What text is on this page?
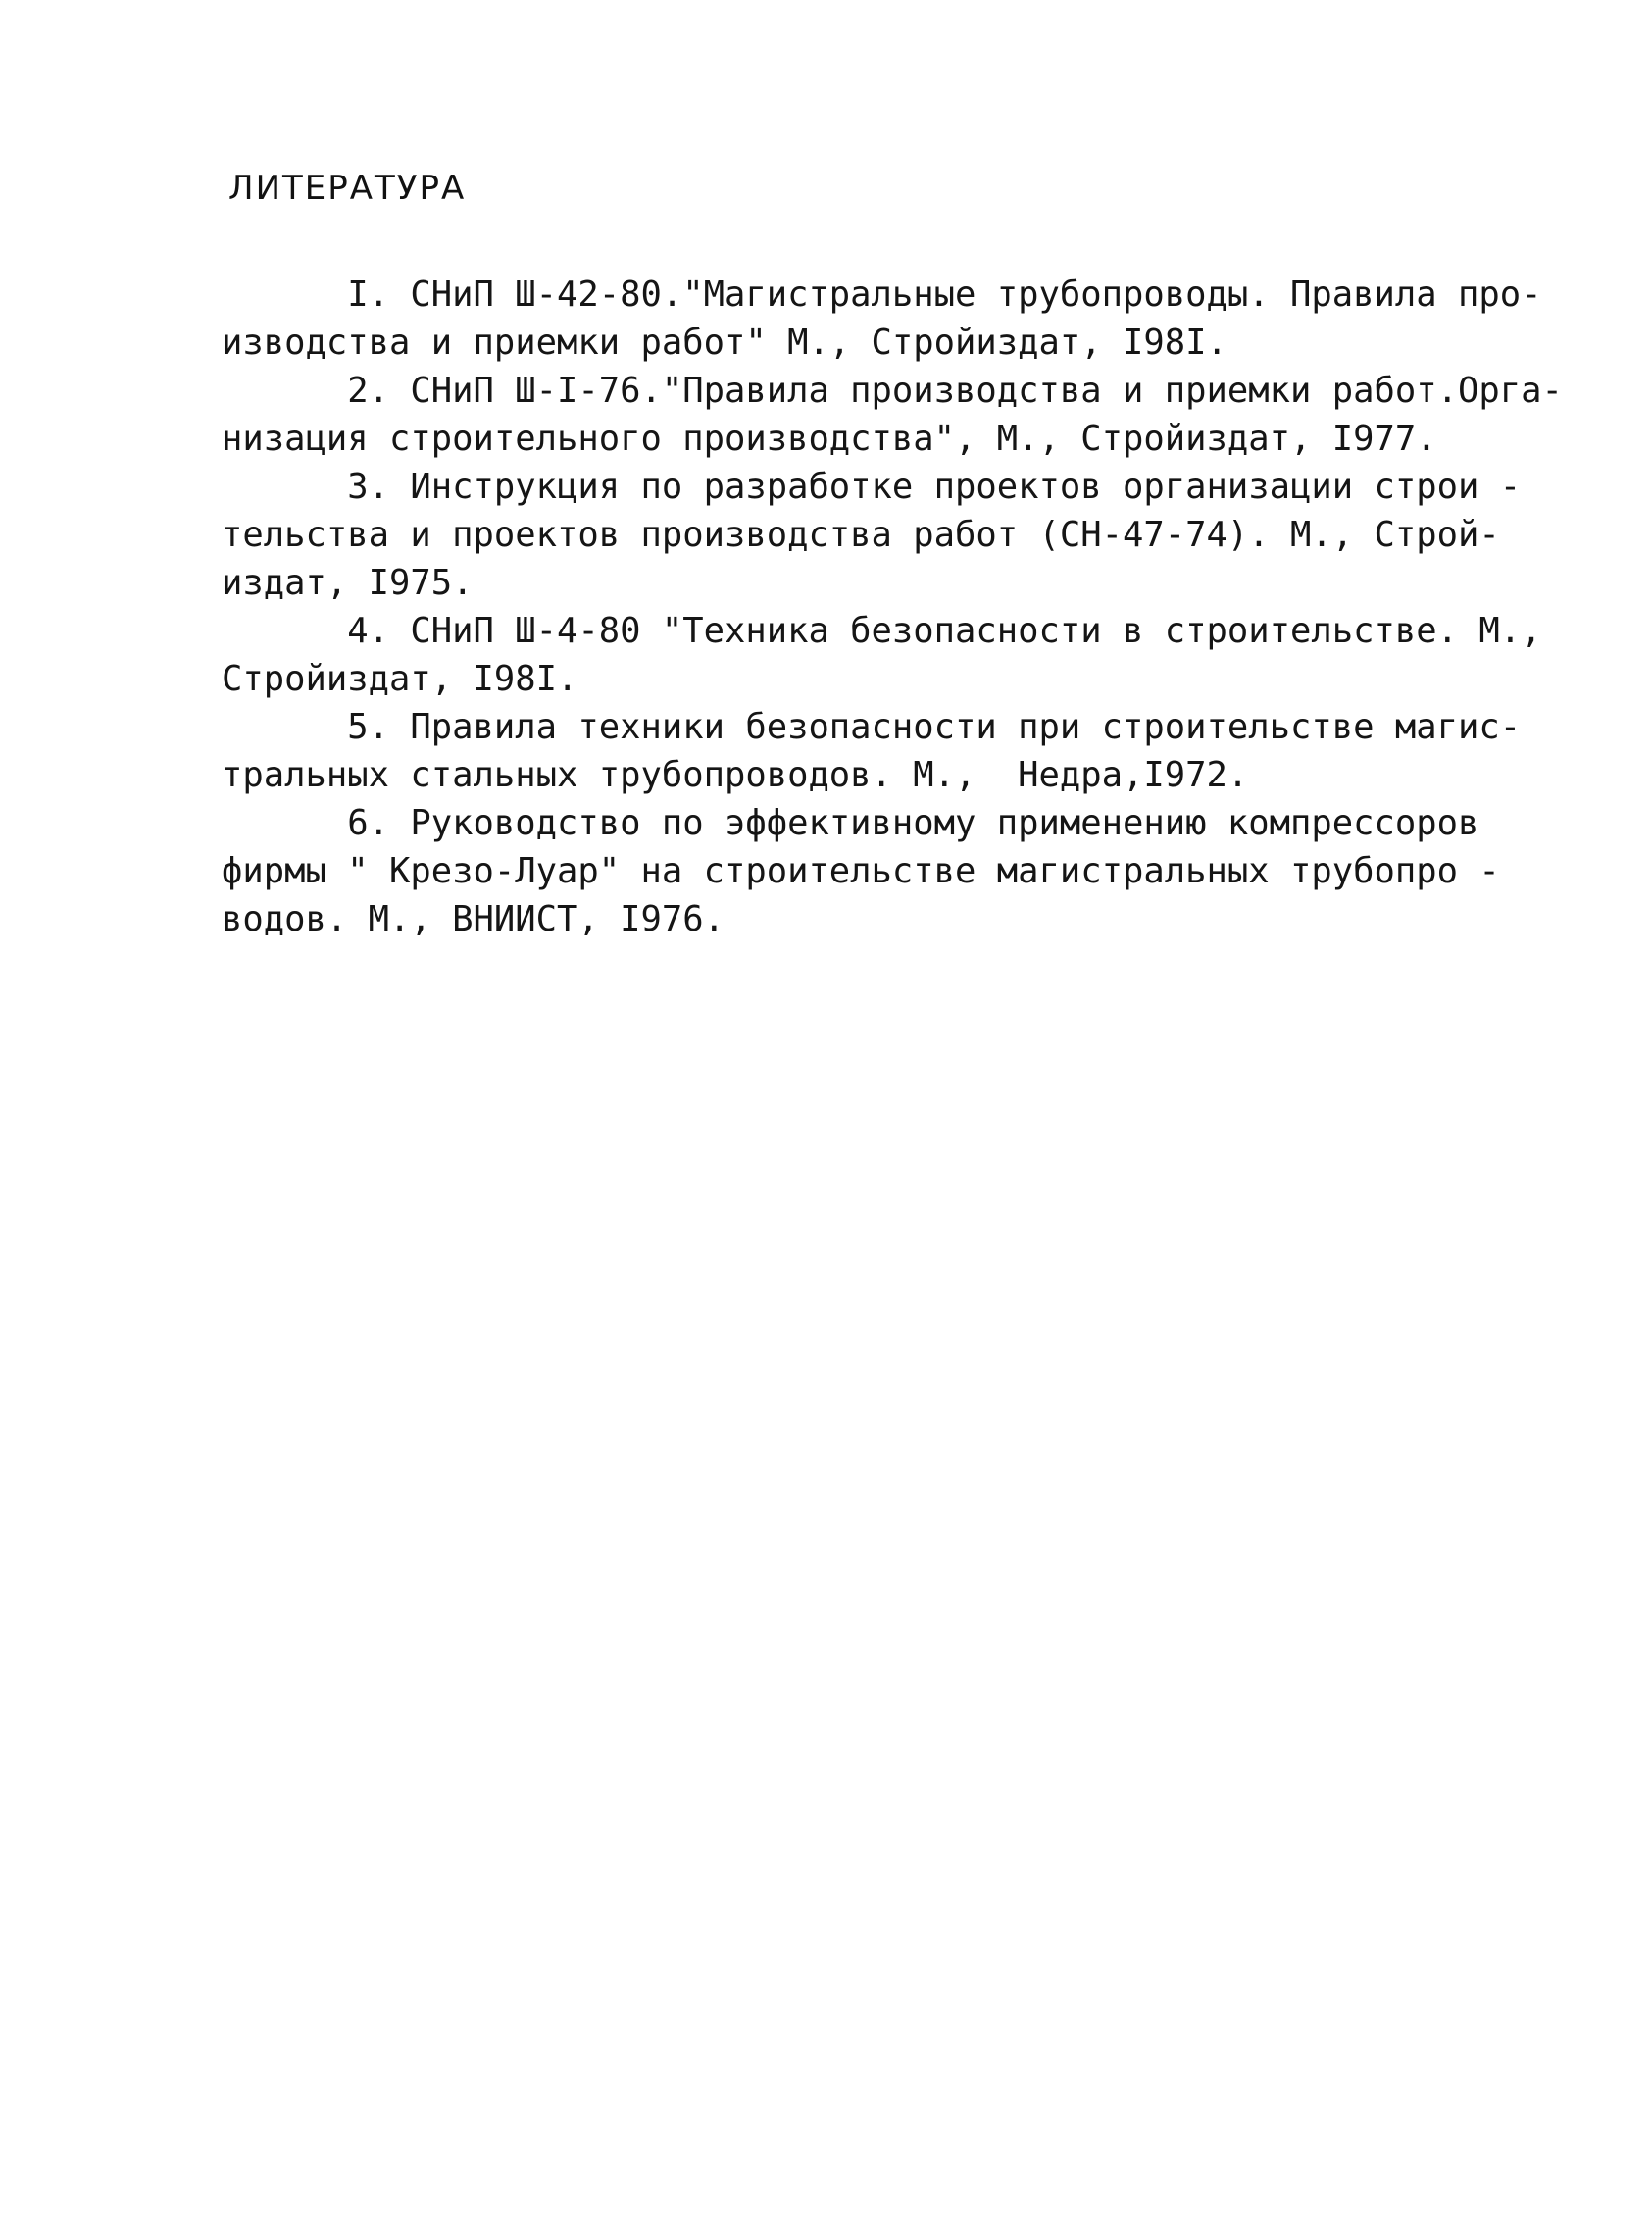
ЛИТЕРАТУРА
I. СНиП Ш-42-80."Магистральные трубопроводы. Правила про-
изводства и приемки работ" М., Стройиздат, I98I.
2. СНиП Ш-I-76."Правила производства и приемки работ.Орга-
низация строительного производства", М., Стройиздат, I977.
3. Инструкция по разработке проектов организации строи -
тельства и проектов производства работ (СН-47-74). М., Строй-
издат, I975.
4. СНиП Ш-4-80 "Техника безопасности в строительстве. М.,
Стройиздат, I98I.
5. Правила техники безопасности при строительстве магис-
тральных стальных трубопроводов. М.,  Недра,I972.
6. Руководство по эффективному применению компрессоров
фирмы " Крезо-Луар" на строительстве магистральных трубопро -
водов. М., ВНИИСТ, I976.
